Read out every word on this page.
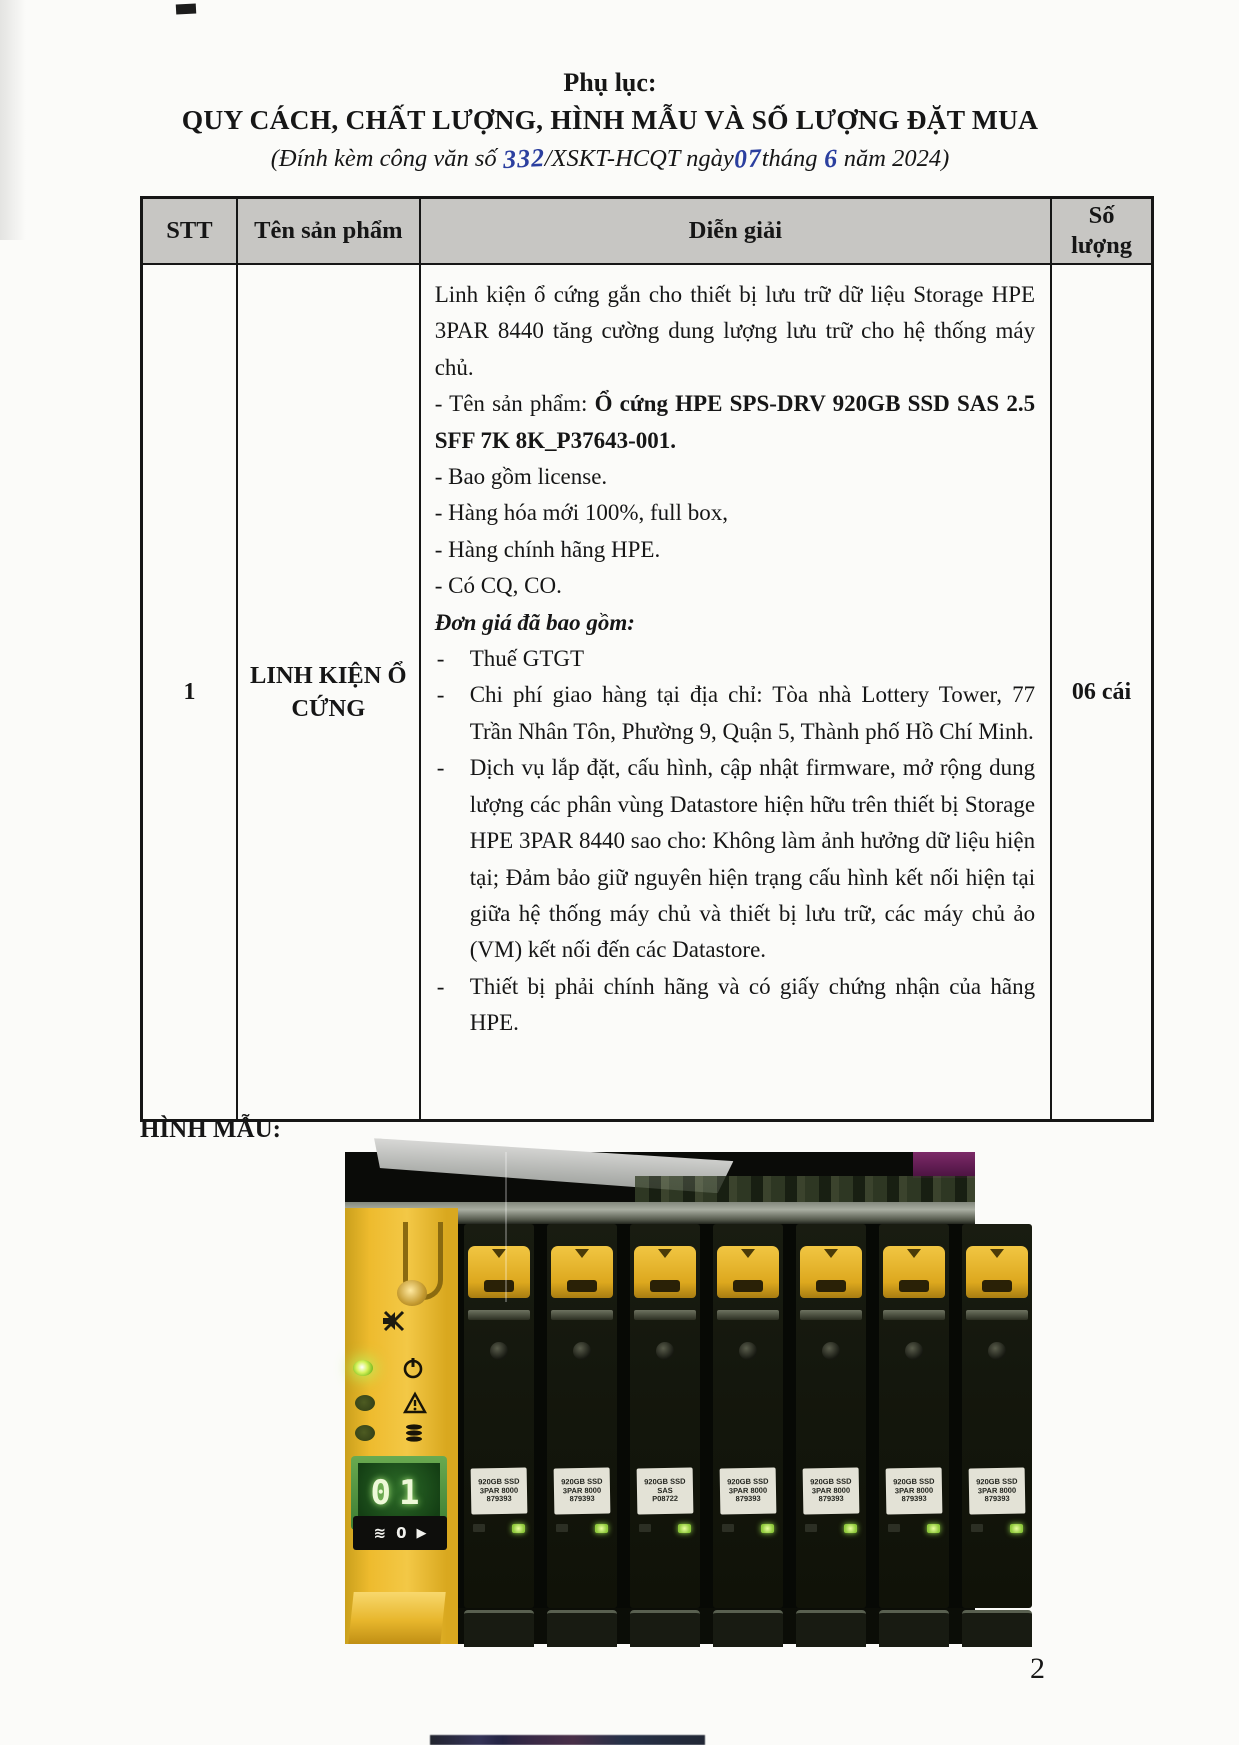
Phụ lục:
QUY CÁCH, CHẤT LƯỢNG, HÌNH MẪU VÀ SỐ LƯỢNG ĐẶT MUA
(Đính kèm công văn số 332/XSKT-HCQT ngày07tháng 6 năm 2024)
STT	Tên sản phẩm	Diễn giải
Số lượng
1
LINH KIỆN Ổ CỨNG
Linh kiện ổ cứng gắn cho thiết bị lưu trữ dữ liệu Storage HPE 3PAR 8440 tăng cường dung lượng lưu trữ cho hệ thống máy chủ.
- Tên sản phẩm: Ổ cứng HPE SPS-DRV 920GB SSD SAS 2.5 SFF 7K 8K_P37643-001.
- Bao gồm license.
- Hàng hóa mới 100%, full box,
- Hàng chính hãng HPE.
- Có CQ, CO.
Đơn giá đã bao gồm:
- Thuế GTGT
- Chi phí giao hàng tại địa chỉ: Tòa nhà Lottery Tower, 77 Trần Nhân Tôn, Phường 9, Quận 5, Thành phố Hồ Chí Minh.
- Dịch vụ lắp đặt, cấu hình, cập nhật firmware, mở rộng dung lượng các phân vùng Datastore hiện hữu trên thiết bị Storage HPE 3PAR 8440 sao cho: Không làm ảnh hưởng dữ liệu hiện tại; Đảm bảo giữ nguyên hiện trạng cấu hình kết nối hiện tại giữa hệ thống máy chủ và thiết bị lưu trữ, các máy chủ ảo (VM) kết nối đến các Datastore.
- Thiết bị phải chính hãng và có giấy chứng nhận của hãng HPE.
06 cái
HÌNH MẪU:
920GB SSD
3PAR 8000
879393
920GB SSD
3PAR 8000
879393
920GB SSD
SAS
P08722
920GB SSD
3PAR 8000
879393
920GB SSD
3PAR 8000
879393
920GB SSD
3PAR 8000
879393
920GB SSD
3PAR 8000
879393
01
≋ 0 ▶
2
